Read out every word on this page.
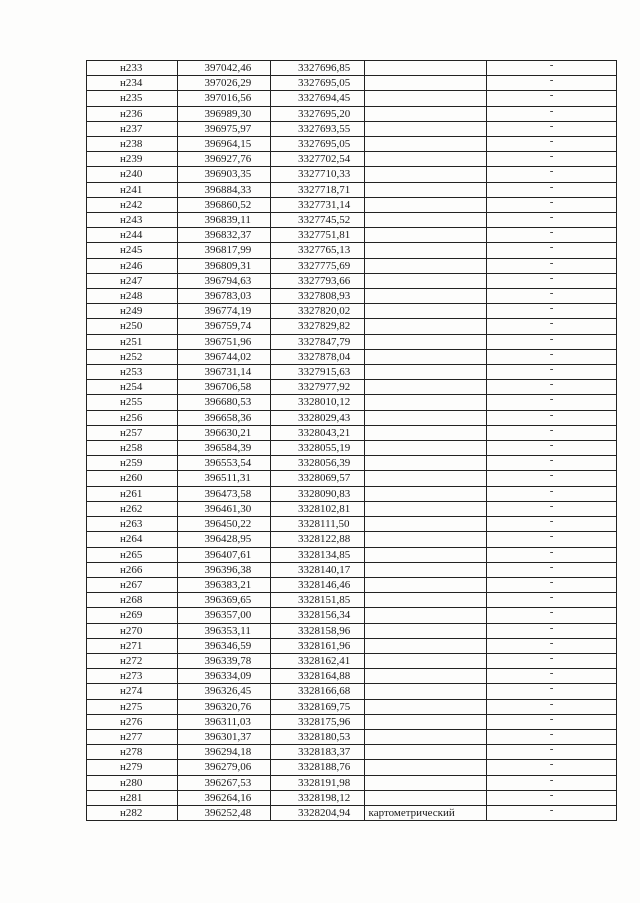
н233	397042,46	3327696,85		-
н234	397026,29	3327695,05		-
н235	397016,56	3327694,45		-
н236	396989,30	3327695,20		-
н237	396975,97	3327693,55		-
н238	396964,15	3327695,05		-
н239	396927,76	3327702,54		-
н240	396903,35	3327710,33		-
н241	396884,33	3327718,71		-
н242	396860,52	3327731,14		-
н243	396839,11	3327745,52		-
н244	396832,37	3327751,81		-
н245	396817,99	3327765,13		-
н246	396809,31	3327775,69		-
н247	396794,63	3327793,66		-
н248	396783,03	3327808,93		-
н249	396774,19	3327820,02		-
н250	396759,74	3327829,82		-
н251	396751,96	3327847,79		-
н252	396744,02	3327878,04		-
н253	396731,14	3327915,63		-
н254	396706,58	3327977,92		-
н255	396680,53	3328010,12		-
н256	396658,36	3328029,43		-
н257	396630,21	3328043,21		-
н258	396584,39	3328055,19		-
н259	396553,54	3328056,39		-
н260	396511,31	3328069,57		-
н261	396473,58	3328090,83		-
н262	396461,30	3328102,81		-
н263	396450,22	3328111,50		-
н264	396428,95	3328122,88		-
н265	396407,61	3328134,85		-
н266	396396,38	3328140,17		-
н267	396383,21	3328146,46		-
н268	396369,65	3328151,85		-
н269	396357,00	3328156,34		-
н270	396353,11	3328158,96		-
н271	396346,59	3328161,96		-
н272	396339,78	3328162,41		-
н273	396334,09	3328164,88		-
н274	396326,45	3328166,68		-
н275	396320,76	3328169,75		-
н276	396311,03	3328175,96		-
н277	396301,37	3328180,53		-
н278	396294,18	3328183,37		-
н279	396279,06	3328188,76		-
н280	396267,53	3328191,98		-
н281	396264,16	3328198,12		-
н282	396252,48	3328204,94	картометрический	-
